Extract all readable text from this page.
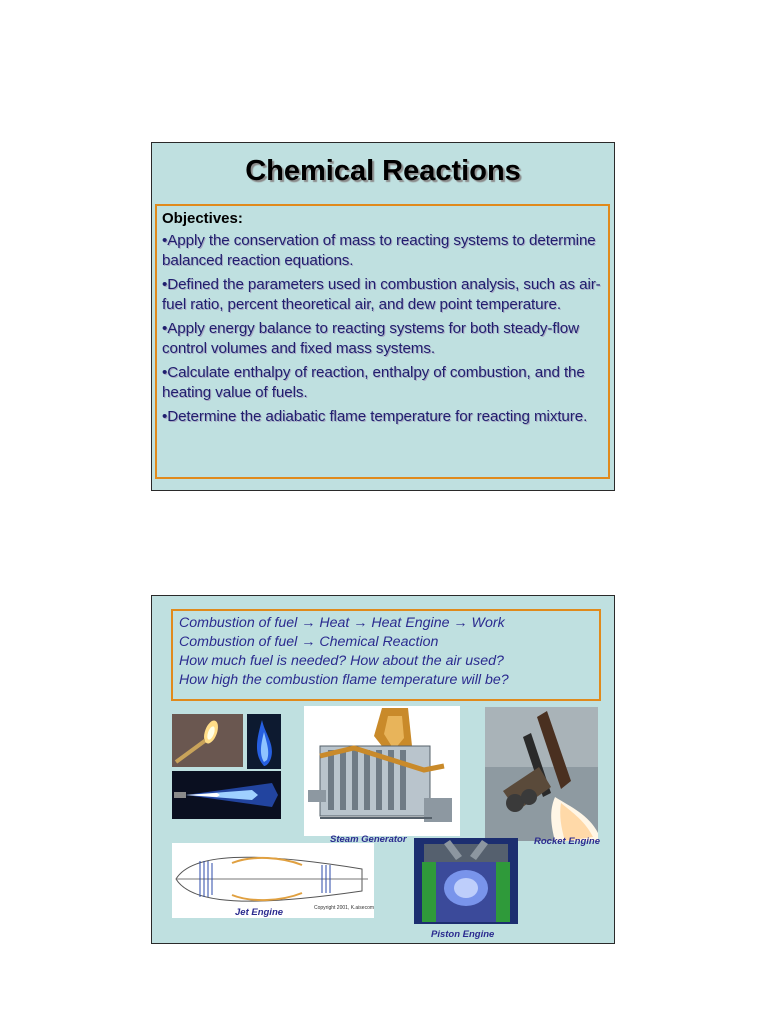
Chemical Reactions
Objectives:
•Apply the conservation of mass to reacting systems to determine balanced reaction equations.
•Defined the parameters used in combustion analysis, such as air-fuel ratio, percent theoretical air, and dew point temperature.
•Apply energy balance to reacting systems for both steady-flow control volumes and fixed mass systems.
•Calculate enthalpy of reaction, enthalpy of combustion, and the heating value of fuels.
•Determine the adiabatic flame temperature for reacting mixture.
Combustion of fuel → Heat → Heat Engine → Work
Combustion of fuel → Chemical Reaction
How much fuel is needed? How about the air used?
How high the combustion flame temperature will be?
Copyright 2001, K.aisecom
Steam Generator	Rocket Engine
Jet Engine
Piston Engine
